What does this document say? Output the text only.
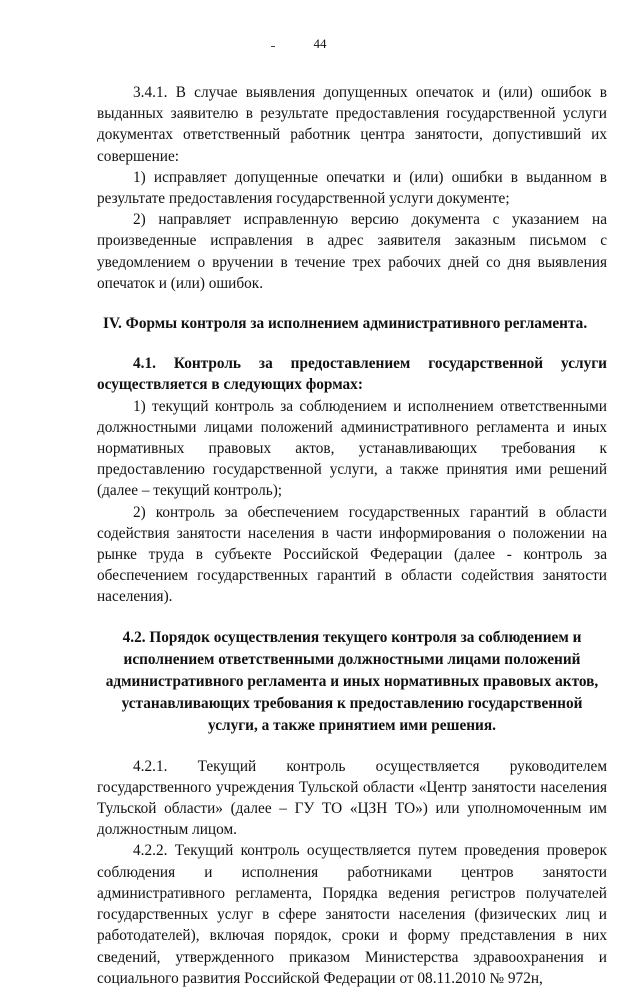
44

3.4.1. В случае выявления допущенных опечаток и (или) ошибок в выданных заявителю в результате предоставления государственной услуги документах ответственный работник центра занятости, допустивший их совершение:

1) исправляет допущенные опечатки и (или) ошибки в выданном в результате предоставления государственной услуги документе;

2) направляет исправленную версию документа с указанием на произведенные исправления в адрес заявителя заказным письмом с уведомлением о вручении в течение трех рабочих дней со дня выявления опечаток и (или) ошибок.

IV. Формы контроля за исполнением административного регламента.

4.1. Контроль за предоставлением государственной услуги осуществляется в следующих формах:

1) текущий контроль за соблюдением и исполнением ответственными должностными лицами положений административного регламента и иных нормативных правовых актов, устанавливающих требования к предоставлению государственной услуги, а также принятия ими решений (далее – текущий контроль);

2) контроль за обеспечением государственных гарантий в области содействия занятости населения в части информирования о положении на рынке труда в субъекте Российской Федерации (далее - контроль за обеспечением государственных гарантий в области содействия занятости населения).

4.2. Порядок осуществления текущего контроля за соблюдением и исполнением ответственными должностными лицами положений административного регламента и иных нормативных правовых актов, устанавливающих требования к предоставлению государственной услуги, а также принятием ими решения.

4.2.1. Текущий контроль осуществляется руководителем государственного учреждения Тульской области «Центр занятости населения Тульской области» (далее – ГУ ТО «ЦЗН ТО») или уполномоченным им должностным лицом.

4.2.2. Текущий контроль осуществляется путем проведения проверок соблюдения и исполнения работниками центров занятости административного регламента, Порядка ведения регистров получателей государственных услуг в сфере занятости населения (физических лиц и работодателей), включая порядок, сроки и форму представления в них сведений, утвержденного приказом Министерства здравоохранения и социального развития Российской Федерации от 08.11.2010 № 972н,
